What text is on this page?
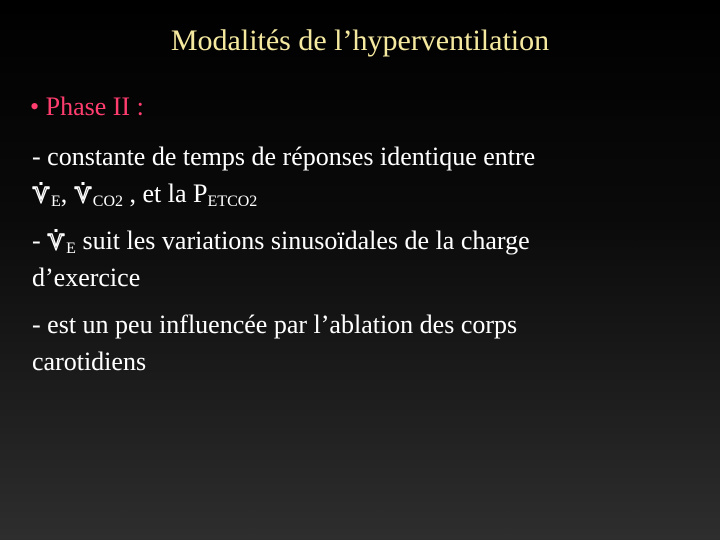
Modalités de l’hyperventilation
• Phase II :
- constante de temps de réponses identique entre
$_E$,
$_{CO2}$ , et la $P_{ETCO2}$
-
$_E$ suit les variations sinusoïdales de la charge
d’exercice
- est un peu influencée par l’ablation des corps
carotidiens
